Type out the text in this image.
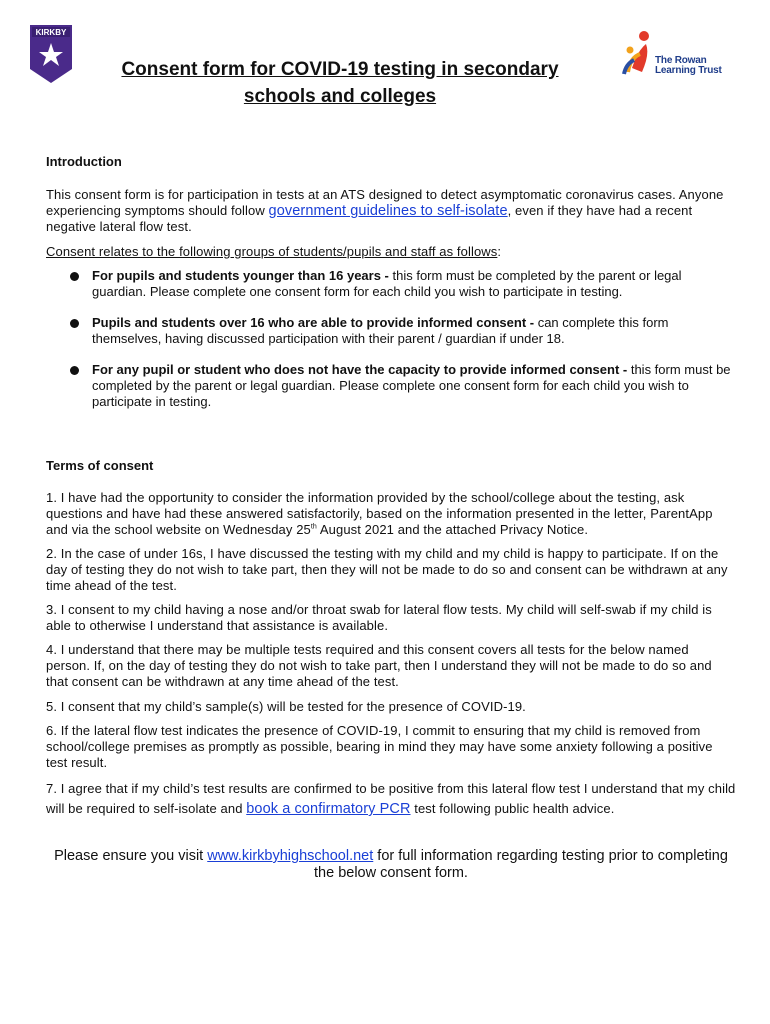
KIRKBY
The Rowan
Learning Trust
Consent form for COVID-19 testing in secondary
schools and colleges
Introduction
This consent form is for participation in tests at an ATS designed to detect asymptomatic coronavirus cases. Anyone experiencing symptoms should follow government guidelines to self-isolate, even if they have had a recent negative lateral flow test.
Consent relates to the following groups of students/pupils and staff as follows:
For pupils and students younger than 16 years - this form must be completed by the parent or legal guardian. Please complete one consent form for each child you wish to participate in testing.
Pupils and students over 16 who are able to provide informed consent - can complete this form themselves, having discussed participation with their parent / guardian if under 18.
For any pupil or student who does not have the capacity to provide informed consent - this form must be completed by the parent or legal guardian. Please complete one consent form for each child you wish to participate in testing.
Terms of consent
1. I have had the opportunity to consider the information provided by the school/college about the testing, ask questions and have had these answered satisfactorily, based on the information presented in the letter, ParentApp and via the school website on Wednesday 25th August 2021 and the attached Privacy Notice.
2. In the case of under 16s, I have discussed the testing with my child and my child is happy to participate. If on the day of testing they do not wish to take part, then they will not be made to do so and consent can be withdrawn at any time ahead of the test.
3. I consent to my child having a nose and/or throat swab for lateral flow tests. My child will self-swab if my child is able to otherwise I understand that assistance is available.
4. I understand that there may be multiple tests required and this consent covers all tests for the below named person. If, on the day of testing they do not wish to take part, then I understand they will not be made to do so and that consent can be withdrawn at any time ahead of the test.
5. I consent that my child’s sample(s) will be tested for the presence of COVID-19.
6. If the lateral flow test indicates the presence of COVID-19, I commit to ensuring that my child is removed from school/college premises as promptly as possible, bearing in mind they may have some anxiety following a positive test result.
7. I agree that if my child’s test results are confirmed to be positive from this lateral flow test I understand that my child will be required to self-isolate and book a confirmatory PCR test following public health advice.
Please ensure you visit www.kirkbyhighschool.net for full information regarding testing prior to completing the below consent form.
